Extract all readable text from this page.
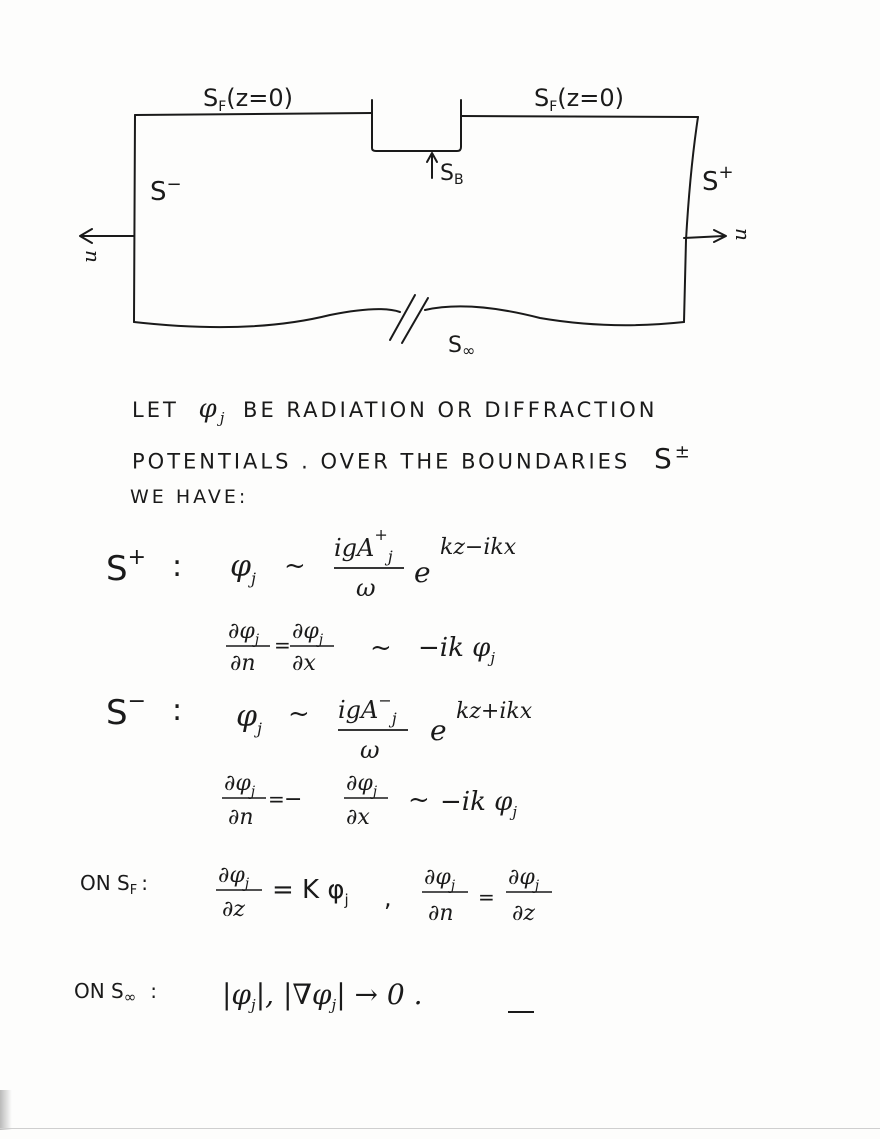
$S_F(z=0)$	$S_F(z=0)$
SB
S−	S+
S∞
n
n
LET $\varphi_j$ BE RADIATION OR DIFFRACTION
POTENTIALS . OVER THE BOUNDARIES S±
WE HAVE:
S+ : $\varphi_j$ ~
igA+$_j$
ω e
kz−ikx
$\partial\varphi_j$
∂n
=
$\partial\varphi_j$
∂x
~ −ik $\varphi_j$
S− : $\varphi_j$ ~ igA−$_j$
ω
e
kz+ikx
$\partial\varphi_j$
∂n
= −
$\partial\varphi_j$
∂x
~ −ik $\varphi_j$
ON $S_F$ :	$\partial\varphi_j$
∂z
= K $\varphi_j$ ,
$\partial\varphi_j$
∂n
=
$\partial\varphi_j$
∂z
ON $S_\infty$ : $|\varphi_j|$, $|\nabla\varphi_j| \to 0$ .
